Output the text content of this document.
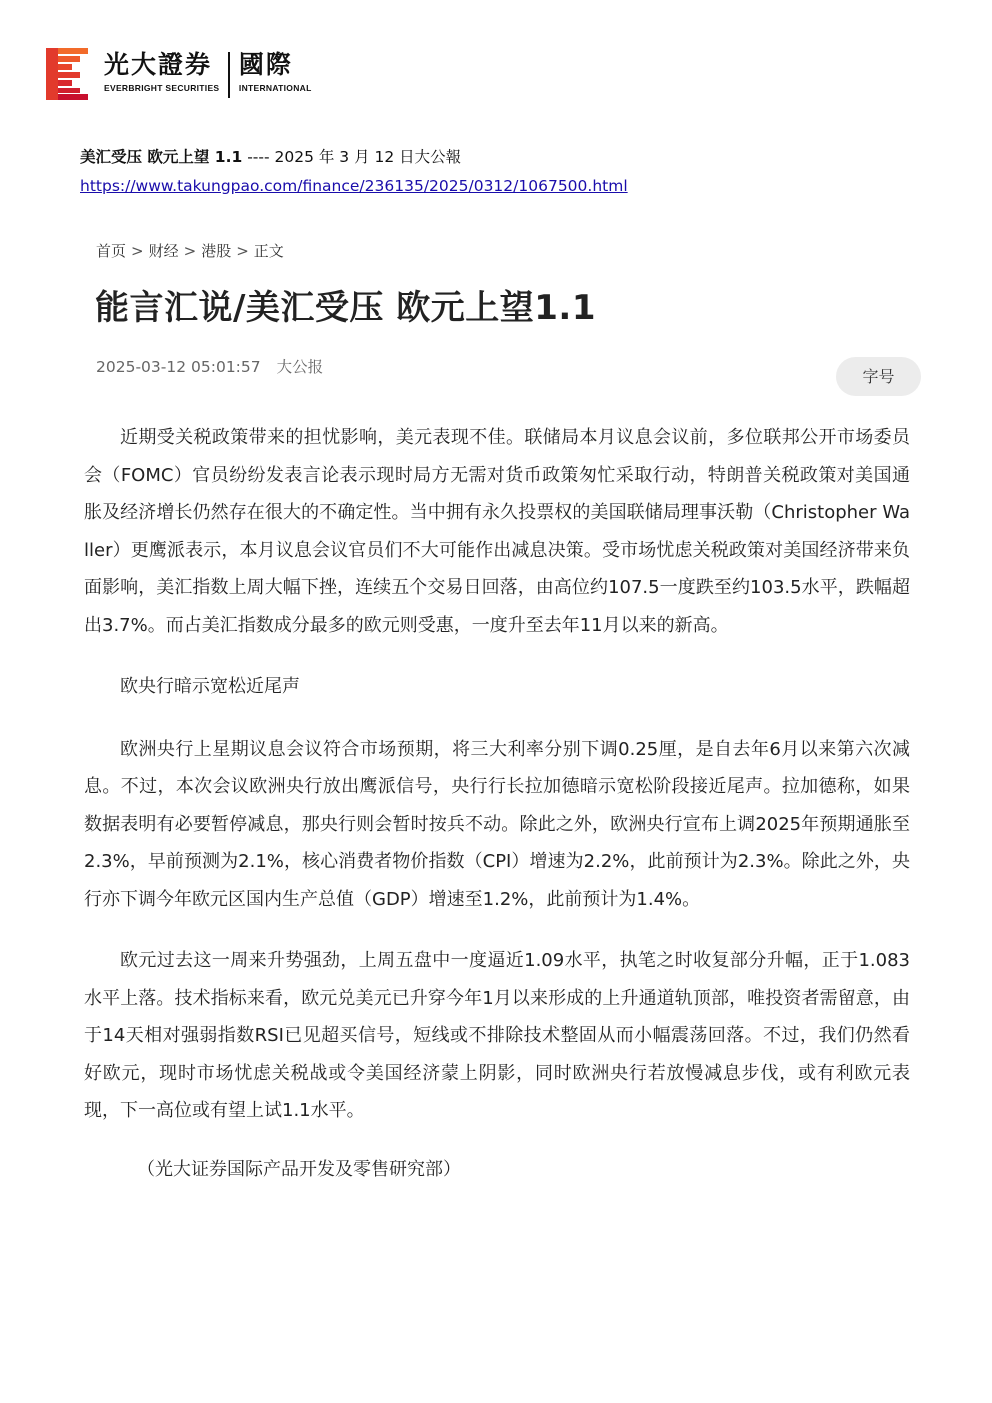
光大證券
EVERBRIGHT SECURITIES
國際
INTERNATIONAL
美汇受压 欧元上望 1.1 ---- 2025 年 3 月 12 日大公報
https://www.takungpao.com/finance/236135/2025/0312/1067500.html
首页 > 财经 > 港股 > 正文
能言汇说/美汇受压 欧元上望1.1
2025-03-12 05:01:57 大公报	字号

近期受关税政策带来的担忧影响，美元表现不佳。联储局本月议息会议前，多位联邦公开市场委员会（FOMC）官员纷纷发表言论表示现时局方无需对货币政策匆忙采取行动，特朗普关税政策对美国通胀及经济增长仍然存在很大的不确定性。当中拥有永久投票权的美国联储局理事沃勒（Christopher Waller）更鹰派表示，本月议息会议官员们不大可能作出减息决策。受市场忧虑关税政策对美国经济带来负面影响，美汇指数上周大幅下挫，连续五个交易日回落，由高位约107.5一度跌至约103.5水平，跌幅超出3.7%。而占美汇指数成分最多的欧元则受惠，一度升至去年11月以来的新高。

欧央行暗示宽松近尾声

欧洲央行上星期议息会议符合市场预期，将三大利率分别下调0.25厘，是自去年6月以来第六次减息。不过，本次会议欧洲央行放出鹰派信号，央行行长拉加德暗示宽松阶段接近尾声。拉加德称，如果数据表明有必要暂停减息，那央行则会暂时按兵不动。除此之外，欧洲央行宣布上调2025年预期通胀至2.3%，早前预测为2.1%，核心消费者物价指数（CPI）增速为2.2%，此前预计为2.3%。除此之外，央行亦下调今年欧元区国内生产总值（GDP）增速至1.2%，此前预计为1.4%。

欧元过去这一周来升势强劲，上周五盘中一度逼近1.09水平，执笔之时收复部分升幅，正于1.083水平上落。技术指标来看，欧元兑美元已升穿今年1月以来形成的上升通道轨顶部，唯投资者需留意，由于14天相对强弱指数RSI已见超买信号，短线或不排除技术整固从而小幅震荡回落。不过，我们仍然看好欧元，现时市场忧虑关税战或令美国经济蒙上阴影，同时欧洲央行若放慢减息步伐，或有利欧元表现，下一高位或有望上试1.1水平。

（光大证券国际产品开发及零售研究部）
